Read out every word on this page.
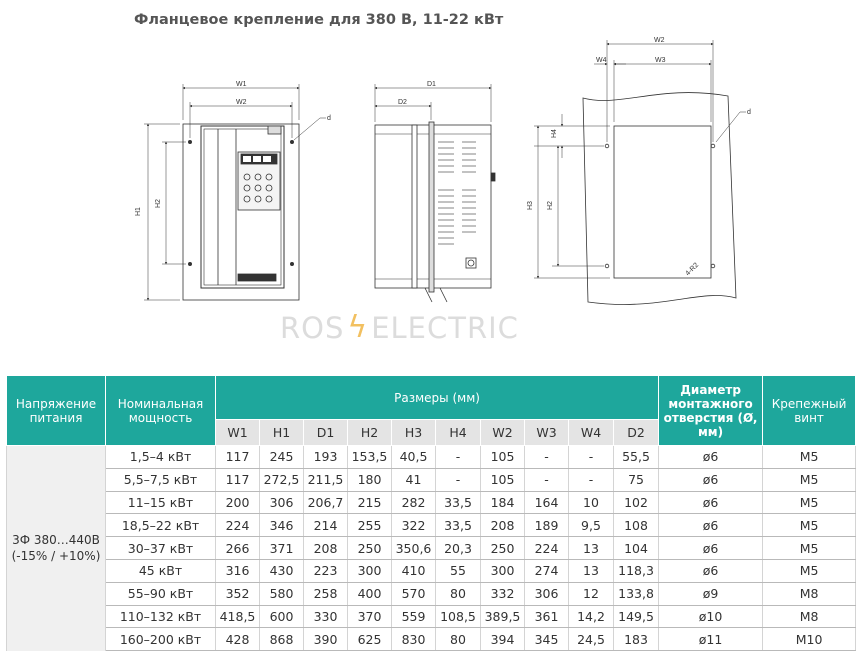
Фланцевое крепление для 380 В, 11-22 кВт
W1
W2
H1
H2
d
D1
D2
W2
W3
W4
H3 H2
H4
d
4-R2
ROS ϟ ELECTRIC
Напряжение питания	Номинальная мощность	Размеры (мм)										Диаметр монтажного отверстия (Ø, мм)	Крепежный винт
		W1	H1	D1	H2	H3	H4	W2	W3	W4	D2		
3Ф 380…440В (-15% / +10%)	1,5–4 кВт	117	245	193	153,5	40,5	-	105	-	-	55,5	ø6	M5
	5,5–7,5 кВт	117	272,5	211,5	180	41	-	105	-	-	75	ø6	M5
	11–15 кВт	200	306	206,7	215	282	33,5	184	164	10	102	ø6	M5
	18,5–22 кВт	224	346	214	255	322	33,5	208	189	9,5	108	ø6	M5
	30–37 кВт	266	371	208	250	350,6	20,3	250	224	13	104	ø6	M5
	45 кВт	316	430	223	300	410	55	300	274	13	118,3	ø6	M5
	55–90 кВт	352	580	258	400	570	80	332	306	12	133,8	ø9	M8
	110–132 кВт	418,5	600	330	370	559	108,5	389,5	361	14,2	149,5	ø10	M8
	160–200 кВт	428	868	390	625	830	80	394	345	24,5	183	ø11	M10
